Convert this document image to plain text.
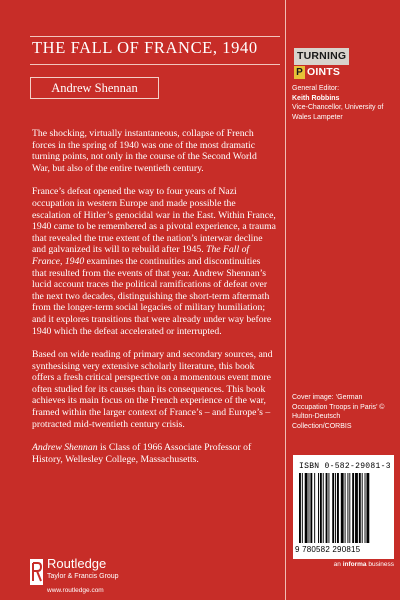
THE FALL OF FRANCE, 1940
Andrew Shennan
TURNING
P OINTS
General Editor:
Keith Robbins
Vice-Chancellor, University of Wales Lampeter

The shocking, virtually instantaneous, collapse of French forces in the spring of 1940 was one of the most dramatic turning points, not only in the course of the Second World War, but also of the entire twentieth century.

France’s defeat opened the way to four years of Nazi occupation in western Europe and made possible the escalation of Hitler’s genocidal war in the East. Within France, 1940 came to be remembered as a pivotal experience, a trauma that revealed the true extent of the nation’s interwar decline and galvanized its will to rebuild after 1945. The Fall of France, 1940 examines the continuities and discontinuities that resulted from the events of that year. Andrew Shennan’s lucid account traces the political ramifications of defeat over the next two decades, distinguishing the short-term aftermath from the longer-term social legacies of military humiliation; and it explores transitions that were already under way before 1940 which the defeat accelerated or interrupted.

Based on wide reading of primary and secondary sources, and synthesising very extensive scholarly literature, this book offers a fresh critical perspective on a momentous event more often studied for its causes than its consequences. This book achieves its main focus on the French experience of the war, framed within the larger context of France’s – and Europe’s – protracted mid-twentieth century crisis.

Andrew Shennan is Class of 1966 Associate Professor of History, Wellesley College, Massachusetts.

Cover image: ‘German Occupation Troops in Paris’ © Hulton-Deutsch Collection/CORBIS
ISBN 0-582-29081-3
9 780582 290815
an informa business
Routledge
Taylor & Francis Group
www.routledge.com
